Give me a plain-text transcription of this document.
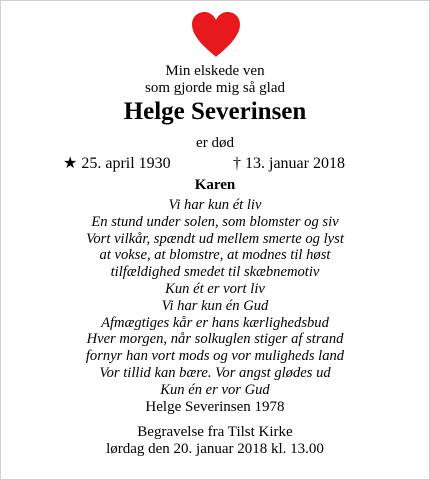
Min elskede ven
som gjorde mig så glad
Helge Severinsen
er død
★ 25. april 1930	† 13. januar 2018
Karen
Vi har kun ét liv
En stund under solen, som blomster og siv
Vort vilkår, spændt ud mellem smerte og lyst
at vokse, at blomstre, at modnes til høst
tilfældighed smedet til skæbnemotiv
Kun ét er vort liv
Vi har kun én Gud
Afmægtiges kår er hans kærlighedsbud
Hver morgen, når solkuglen stiger af strand
fornyr han vort mods og vor muligheds land
Vor tillid kan bære. Vor angst glødes ud
Kun én er vor Gud
Helge Severinsen 1978
Begravelse fra Tilst Kirke
lørdag den 20. januar 2018 kl. 13.00
